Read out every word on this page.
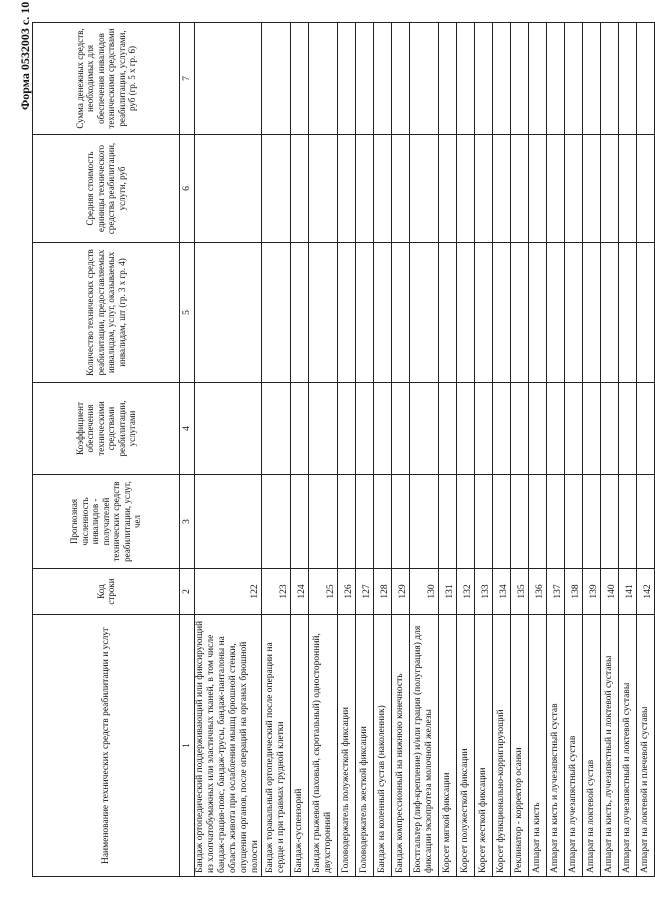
Форма 0532003 с. 10
Наименование технических средств реабилитации и услуг	Код строки	Прогнозная численность инвалидов - получателей технических средств реабилитации, услуг, чел	Коэффициент обеспечения техническими средствами реабилитации, услугами	Количество технических средств реабилитации, предоставляемых инвалидам, услуг, оказываемых инвалидам, шт (гр. 3 х гр. 4)	Средняя стоимость единицы технического средства реабилитации, услуги, руб	Сумма денежных средств, необходимых для обеспечения инвалидов техническими средствами реабилитации, услугами, руб (гр. 5 х гр. 6)
1	2	3	4	5	6	7
Бандаж ортопедический поддерживающий или фиксирующий из хлопчатобумажных или эластичных тканей, в том числе бандаж-грация-пояс, бандаж-трусы, бандаж-панталоны на область живота при ослаблении мышц брюшной стенки, опущении органов, после операций на органах брюшной полости	122					
Бандаж торакальный ортопедический после операции на сердце и при травмах грудной клетки	123					
Бандаж-суспензорий	124					
Бандаж грыжевой (паховый, скротальный) односторонний, двухсторонний	125					
Головодержатель полужесткой фиксации	126					
Головодержатель жесткой фиксации	127					
Бандаж на коленный сустав (наколенник)	128					
Бандаж компрессионный на нижнюю конечность	129					
Бюстгальтер (лиф-крепление) и/или грация (полуграция) для фиксации экзопротеза молочной железы	130					
Корсет мягкой фиксации	131					
Корсет полужесткой фиксации	132					
Корсет жесткой фиксации	133					
Корсет функционально-корригирующий	134					
Реклинатор - корректор осанки	135					
Аппарат на кисть	136					
Аппарат на кисть и лучезапястный сустав	137					
Аппарат на лучезапястный сустав	138					
Аппарат на локтевой сустав	139					
Аппарат на кисть, лучезапястный и локтевой суставы	140					
Аппарат на лучезапястный и локтевой суставы	141					
Аппарат на локтевой и плечевой суставы	142					
